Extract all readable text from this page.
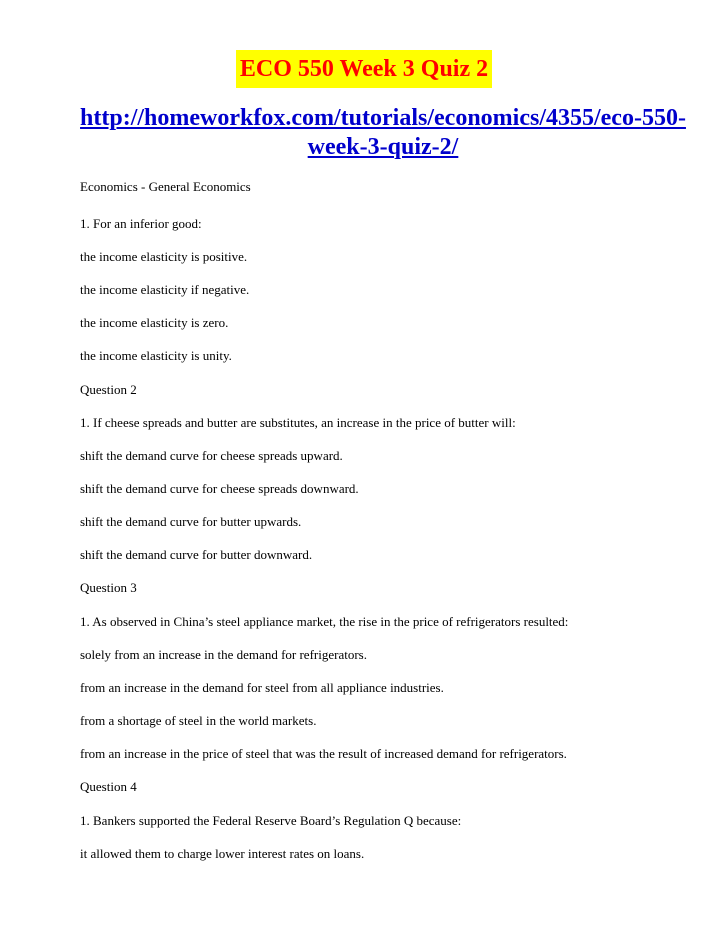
ECO 550 Week 3 Quiz 2
http://homeworkfox.com/tutorials/economics/4355/eco-550-week-3-quiz-2/
Economics - General Economics
1. For an inferior good:
the income elasticity is positive.
the income elasticity if negative.
the income elasticity is zero.
the income elasticity is unity.
Question 2
1. If cheese spreads and butter are substitutes, an increase in the price of butter will:
shift the demand curve for cheese spreads upward.
shift the demand curve for cheese spreads downward.
shift the demand curve for butter upwards.
shift the demand curve for butter downward.
Question 3
1. As observed in China’s steel appliance market, the rise in the price of refrigerators resulted:
solely from an increase in the demand for refrigerators.
from an increase in the demand for steel from all appliance industries.
from a shortage of steel in the world markets.
from an increase in the price of steel that was the result of increased demand for refrigerators.
Question 4
1. Bankers supported the Federal Reserve Board’s Regulation Q because:
it allowed them to charge lower interest rates on loans.
